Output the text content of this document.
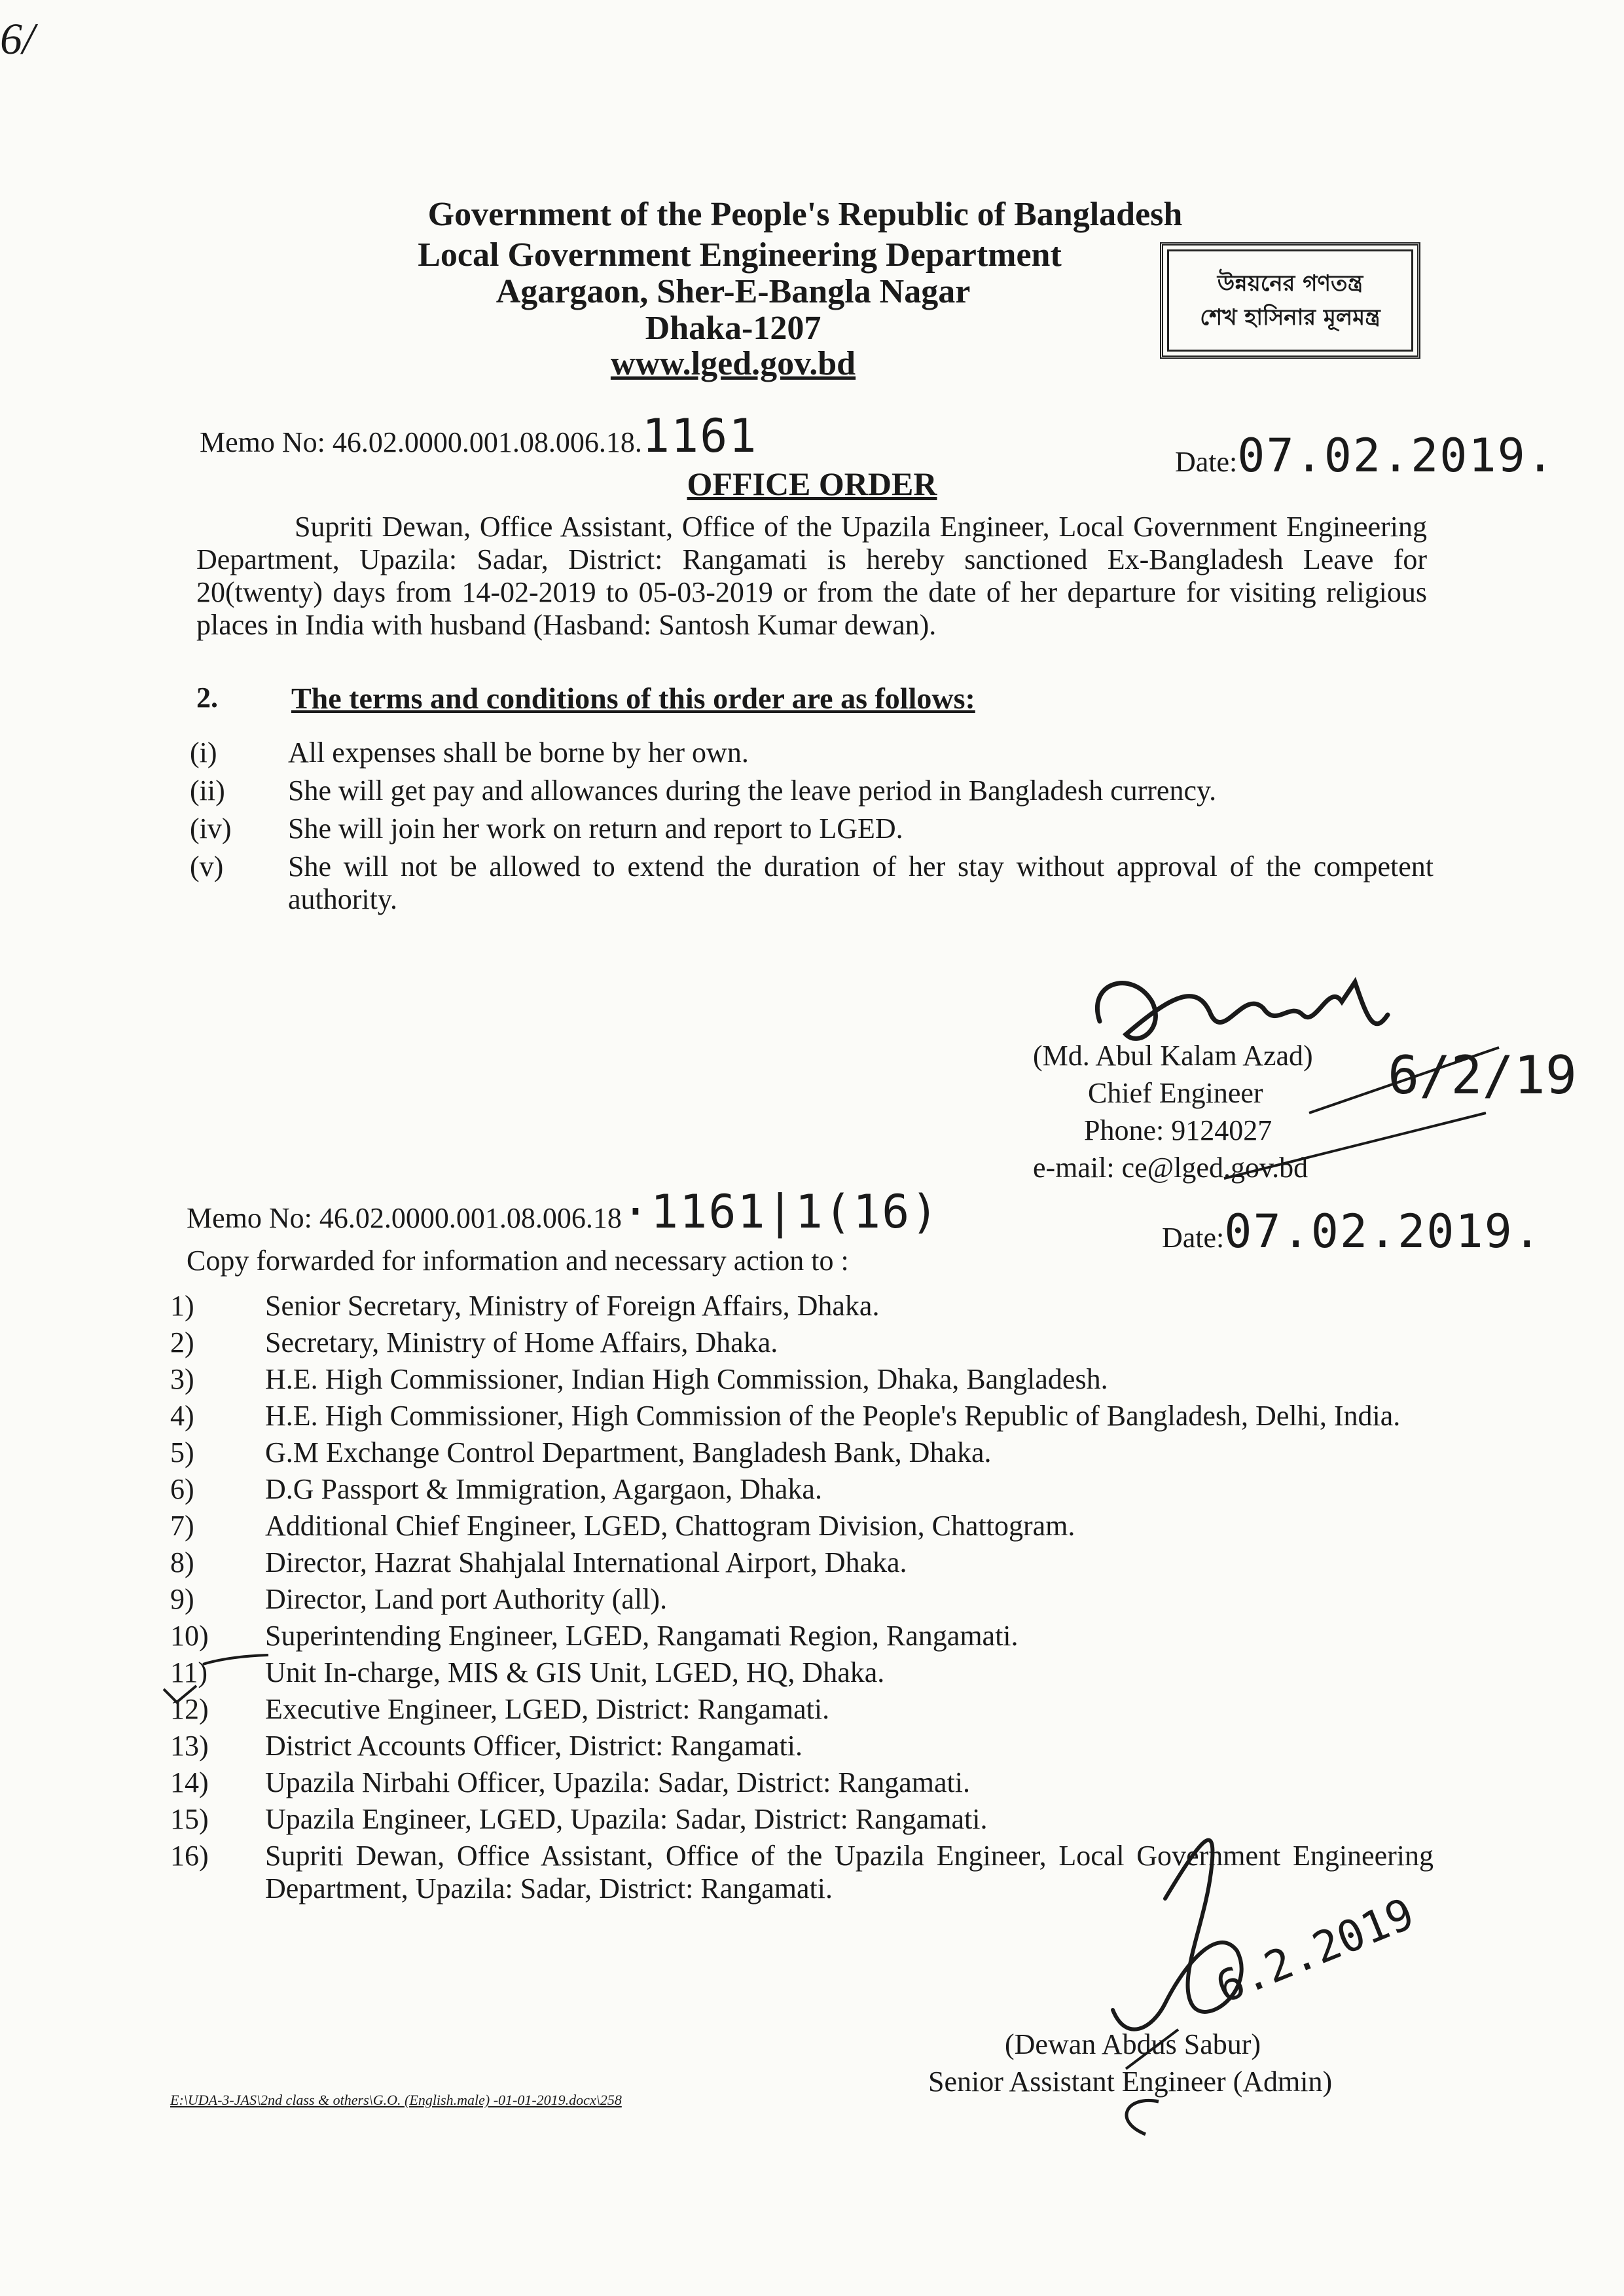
6/
Government of the People's Republic of Bangladesh
Local Government Engineering Department
Agargaon, Sher-E-Bangla Nagar
Dhaka-1207
www.lged.gov.bd
উন্নয়নের গণতন্ত্র
শেখ হাসিনার মূলমন্ত্র
Memo No: 46.02.0000.001.08.006.18.1161	Date:07.02.2019.
OFFICE ORDER
Supriti Dewan, Office Assistant, Office of the Upazila Engineer, Local Government Engineering Department, Upazila: Sadar, District: Rangamati is hereby sanctioned Ex-Bangladesh Leave for 20(twenty) days from 14-02-2019 to 05-03-2019 or from the date of her departure for visiting religious places in India with husband (Hasband: Santosh Kumar dewan).
2. The terms and conditions of this order are as follows:
(i)	All expenses shall be borne by her own.
(ii)	She will get pay and allowances during the leave period in Bangladesh currency.
(iv)	She will join her work on return and report to LGED.
(v)	She will not be allowed to extend the duration of her stay without approval of the competent authority.
6/2/19
(Md. Abul Kalam Azad)
Chief Engineer
Phone: 9124027
e-mail: ce@lged.gov.bd
Memo No: 46.02.0000.001.08.006.18·1161|1(16)	Date:07.02.2019.
Copy forwarded for information and necessary action to :
1)	Senior Secretary, Ministry of Foreign Affairs, Dhaka.
2)	Secretary, Ministry of Home Affairs, Dhaka.
3)	H.E. High Commissioner, Indian High Commission, Dhaka, Bangladesh.
4)	H.E. High Commissioner, High Commission of the People's Republic of Bangladesh, Delhi, India.
5)	G.M Exchange Control Department, Bangladesh Bank, Dhaka.
6)	D.G Passport & Immigration, Agargaon, Dhaka.
7)	Additional Chief Engineer, LGED, Chattogram Division, Chattogram.
8)	Director, Hazrat Shahjalal International Airport, Dhaka.
9)	Director, Land port Authority (all).
10)	Superintending Engineer, LGED, Rangamati Region, Rangamati.
11)	Unit In-charge, MIS & GIS Unit, LGED, HQ, Dhaka.
12)	Executive Engineer, LGED, District: Rangamati.
13)	District Accounts Officer, District: Rangamati.
14)	Upazila Nirbahi Officer, Upazila: Sadar, District: Rangamati.
15)	Upazila Engineer, LGED, Upazila: Sadar, District: Rangamati.
16)	Supriti Dewan, Office Assistant, Office of the Upazila Engineer, Local Government Engineering Department, Upazila: Sadar, District: Rangamati.	6.2.2019
(Dewan Abdus Sabur)
Senior Assistant Engineer (Admin)
E:\UDA-3-JAS\2nd class & others\G.O. (English.male) -01-01-2019.docx\258
